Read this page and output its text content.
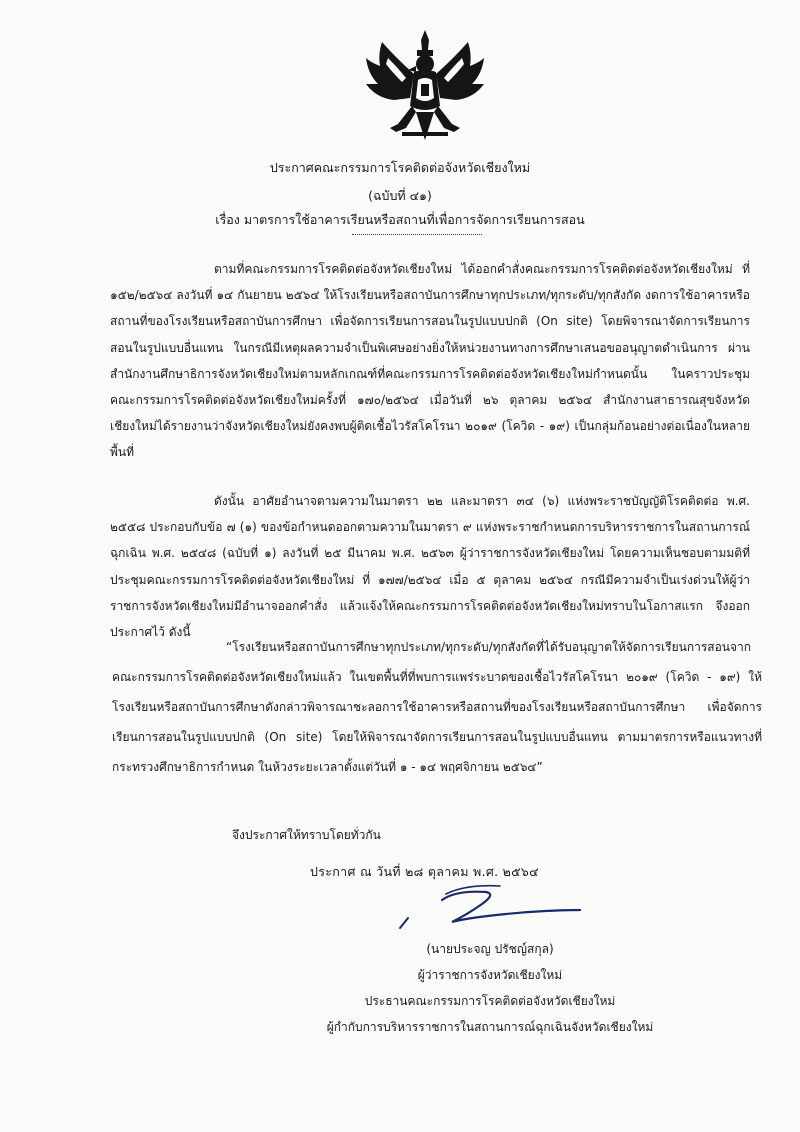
ประกาศคณะกรรมการโรคติดต่อจังหวัดเชียงใหม่
(ฉบับที่ ๔๑)
เรื่อง มาตรการใช้อาคารเรียนหรือสถานที่เพื่อการจัดการเรียนการสอน
ตามที่คณะกรรมการโรคติดต่อจังหวัดเชียงใหม่ ได้ออกคำสั่งคณะกรรมการโรคติดต่อจังหวัดเชียงใหม่ ที่ ๑๕๒/๒๕๖๔ ลงวันที่ ๑๔ กันยายน ๒๕๖๔ ให้โรงเรียนหรือสถาบันการศึกษาทุกประเภท/ทุกระดับ/ทุกสังกัด งดการใช้อาคารหรือสถานที่ของโรงเรียนหรือสถาบันการศึกษา เพื่อจัดการเรียนการสอนในรูปแบบปกติ (On site) โดยพิจารณาจัดการเรียนการสอนในรูปแบบอื่นแทน ในกรณีมีเหตุผลความจำเป็นพิเศษอย่างยิ่งให้หน่วยงานทางการศึกษาเสนอขออนุญาตดำเนินการ ผ่านสำนักงานศึกษาธิการจังหวัดเชียงใหม่ตามหลักเกณฑ์ที่คณะกรรมการโรคติดต่อจังหวัดเชียงใหม่กำหนดนั้น ในคราวประชุมคณะกรรมการโรคติดต่อจังหวัดเชียงใหม่ครั้งที่ ๑๗๐/๒๕๖๔ เมื่อวันที่ ๒๖ ตุลาคม ๒๕๖๔ สำนักงานสาธารณสุขจังหวัดเชียงใหม่ได้รายงานว่าจังหวัดเชียงใหม่ยังคงพบผู้ติดเชื้อไวรัสโคโรนา ๒๐๑๙ (โควิด - ๑๙) เป็นกลุ่มก้อนอย่างต่อเนื่องในหลายพื้นที่
ดังนั้น อาศัยอำนาจตามความในมาตรา ๒๒ และมาตรา ๓๔ (๖) แห่งพระราชบัญญัติโรคติดต่อ พ.ศ. ๒๕๕๘ ประกอบกับข้อ ๗ (๑) ของข้อกำหนดออกตามความในมาตรา ๙ แห่งพระราชกำหนดการบริหารราชการในสถานการณ์ฉุกเฉิน พ.ศ. ๒๕๔๘ (ฉบับที่ ๑) ลงวันที่ ๒๕ มีนาคม พ.ศ. ๒๕๖๓ ผู้ว่าราชการจังหวัดเชียงใหม่ โดยความเห็นชอบตามมติที่ประชุมคณะกรรมการโรคติดต่อจังหวัดเชียงใหม่ ที่ ๑๗๗/๒๕๖๔ เมื่อ ๕ ตุลาคม ๒๕๖๔ กรณีมีความจำเป็นเร่งด่วนให้ผู้ว่าราชการจังหวัดเชียงใหม่มีอำนาจออกคำสั่ง แล้วแจ้งให้คณะกรรมการโรคติดต่อจังหวัดเชียงใหม่ทราบในโอกาสแรก จึงออกประกาศไว้ ดังนี้
“โรงเรียนหรือสถาบันการศึกษาทุกประเภท/ทุกระดับ/ทุกสังกัดที่ได้รับอนุญาตให้จัดการเรียนการสอนจากคณะกรรมการโรคติดต่อจังหวัดเชียงใหม่แล้ว ในเขตพื้นที่ที่พบการแพร่ระบาดของเชื้อไวรัสโคโรนา ๒๐๑๙ (โควิด - ๑๙) ให้โรงเรียนหรือสถาบันการศึกษาดังกล่าวพิจารณาชะลอการใช้อาคารหรือสถานที่ของโรงเรียนหรือสถาบันการศึกษา เพื่อจัดการเรียนการสอนในรูปแบบปกติ (On site) โดยให้พิจารณาจัดการเรียนการสอนในรูปแบบอื่นแทน ตามมาตรการหรือแนวทางที่กระทรวงศึกษาธิการกำหนด ในห้วงระยะเวลาตั้งแต่วันที่ ๑ - ๑๔ พฤศจิกายน ๒๕๖๔”
จึงประกาศให้ทราบโดยทั่วกัน
ประกาศ ณ วันที่ ๒๘ ตุลาคม พ.ศ. ๒๕๖๔
(นายประจญ ปรัชญ์สกุล)
ผู้ว่าราชการจังหวัดเชียงใหม่
ประธานคณะกรรมการโรคติดต่อจังหวัดเชียงใหม่
ผู้กำกับการบริหารราชการในสถานการณ์ฉุกเฉินจังหวัดเชียงใหม่
